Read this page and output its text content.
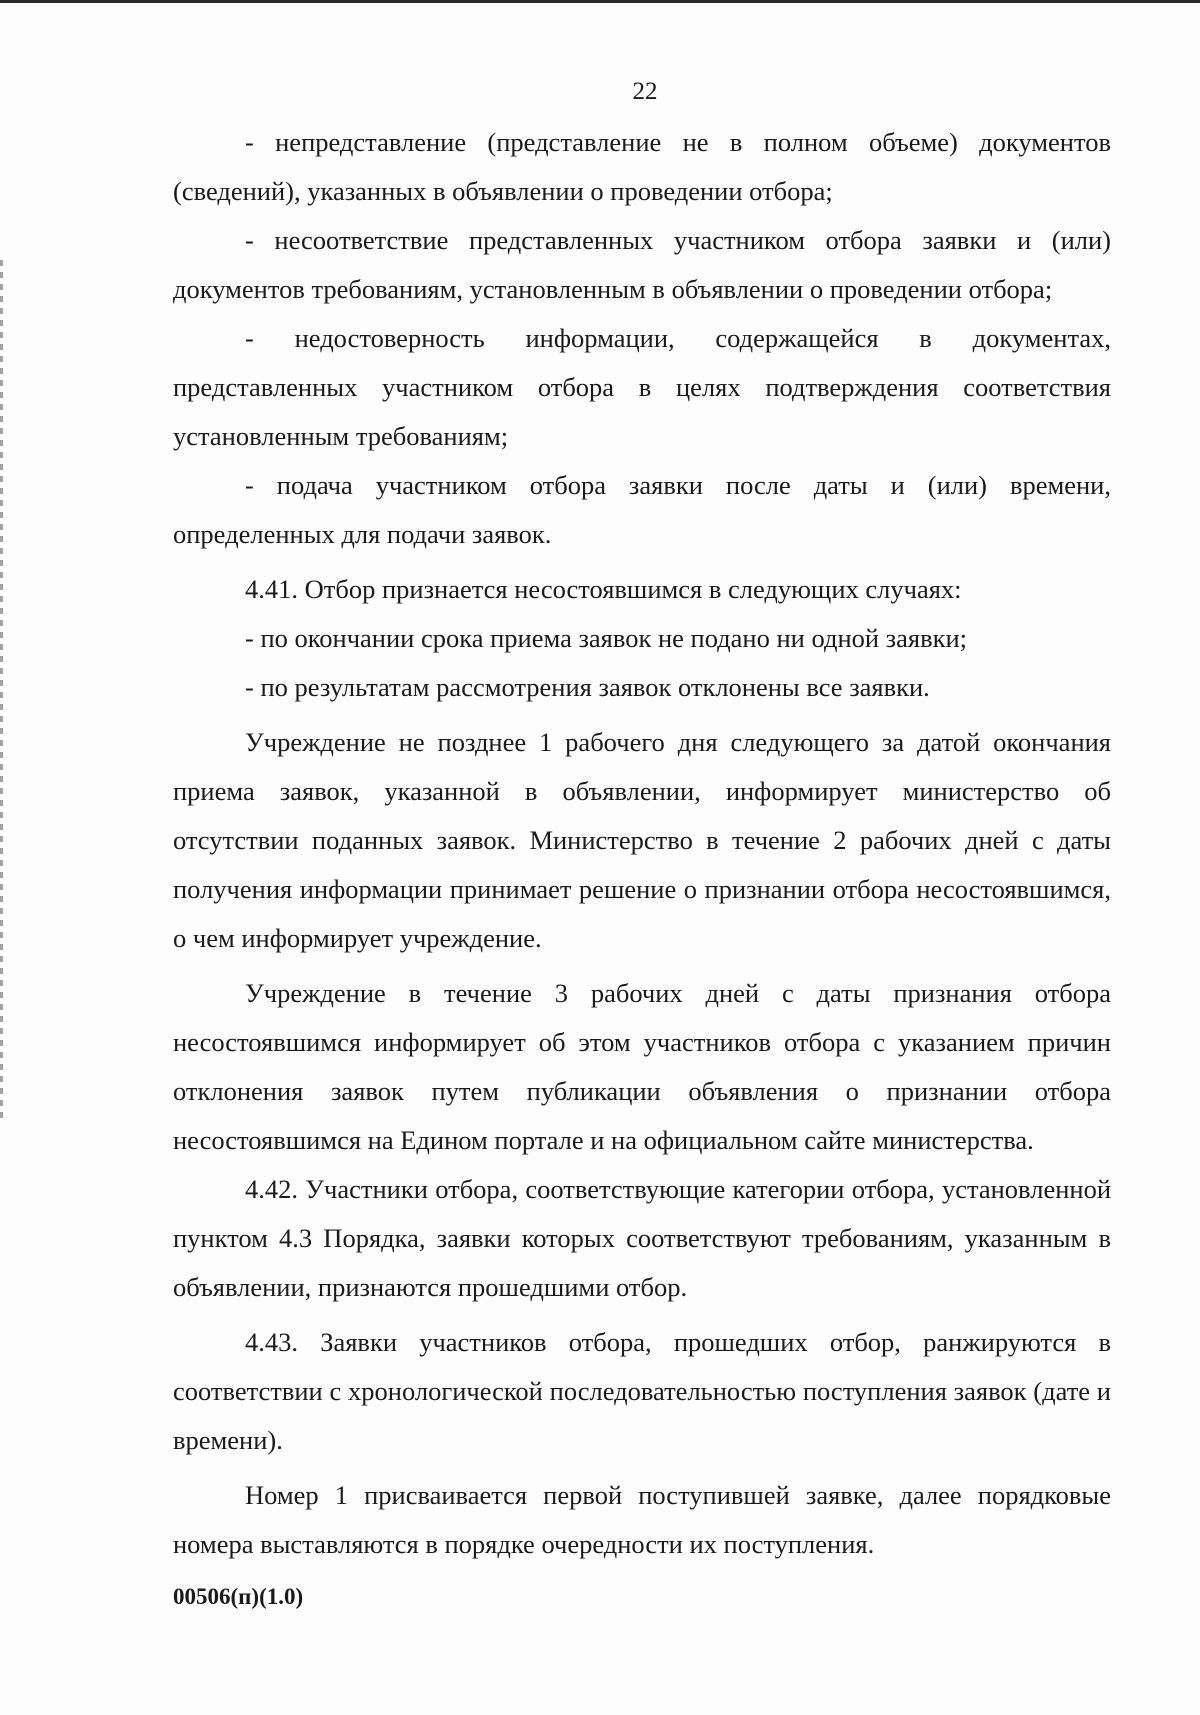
22

- непредставление (представление не в полном объеме) документов (сведений), указанных в объявлении о проведении отбора;

- несоответствие представленных участником отбора заявки и (или) документов требованиям, установленным в объявлении о проведении отбора;

- недостоверность информации, содержащейся в документах, представленных участником отбора в целях подтверждения соответствия установленным требованиям;

- подача участником отбора заявки после даты и (или) времени, определенных для подачи заявок.

4.41. Отбор признается несостоявшимся в следующих случаях:

- по окончании срока приема заявок не подано ни одной заявки;

- по результатам рассмотрения заявок отклонены все заявки.

Учреждение не позднее 1 рабочего дня следующего за датой окончания приема заявок, указанной в объявлении, информирует министерство об отсутствии поданных заявок. Министерство в течение 2 рабочих дней с даты получения информации принимает решение о признании отбора несостоявшимся, о чем информирует учреждение.

Учреждение в течение 3 рабочих дней с даты признания отбора несостоявшимся информирует об этом участников отбора с указанием причин отклонения заявок путем публикации объявления о признании отбора несостоявшимся на Едином портале и на официальном сайте министерства.

4.42. Участники отбора, соответствующие категории отбора, установленной пунктом 4.3 Порядка, заявки которых соответствуют требованиям, указанным в объявлении, признаются прошедшими отбор.

4.43. Заявки участников отбора, прошедших отбор, ранжируются в соответствии с хронологической последовательностью поступления заявок (дате и времени).

Номер 1 присваивается первой поступившей заявке, далее порядковые номера выставляются в порядке очередности их поступления.

00506(п)(1.0)
